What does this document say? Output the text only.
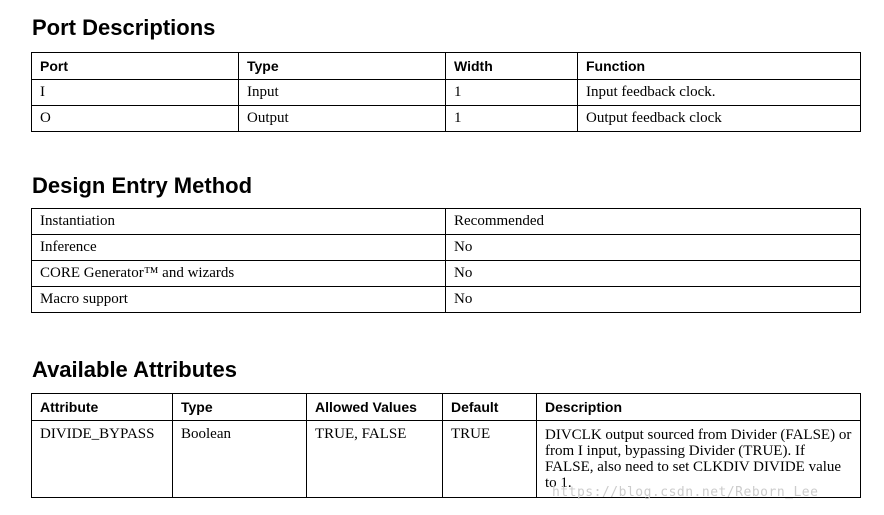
Port Descriptions
Port	Type	Width	Function
I	Input	1	Input feedback clock.
O	Output	1	Output feedback clock
Design Entry Method
Instantiation	Recommended
Inference	No
CORE Generator™ and wizards	No
Macro support	No
Available Attributes
Attribute	Type	Allowed Values	Default	Description
DIVIDE_BYPASS	Boolean	TRUE, FALSE	TRUE	DIVCLK output sourced from Divider (FALSE) or from I input, bypassing Divider (TRUE). If FALSE, also need to set CLKDIV DIVIDE value to 1.
https://blog.csdn.net/Reborn_Lee
